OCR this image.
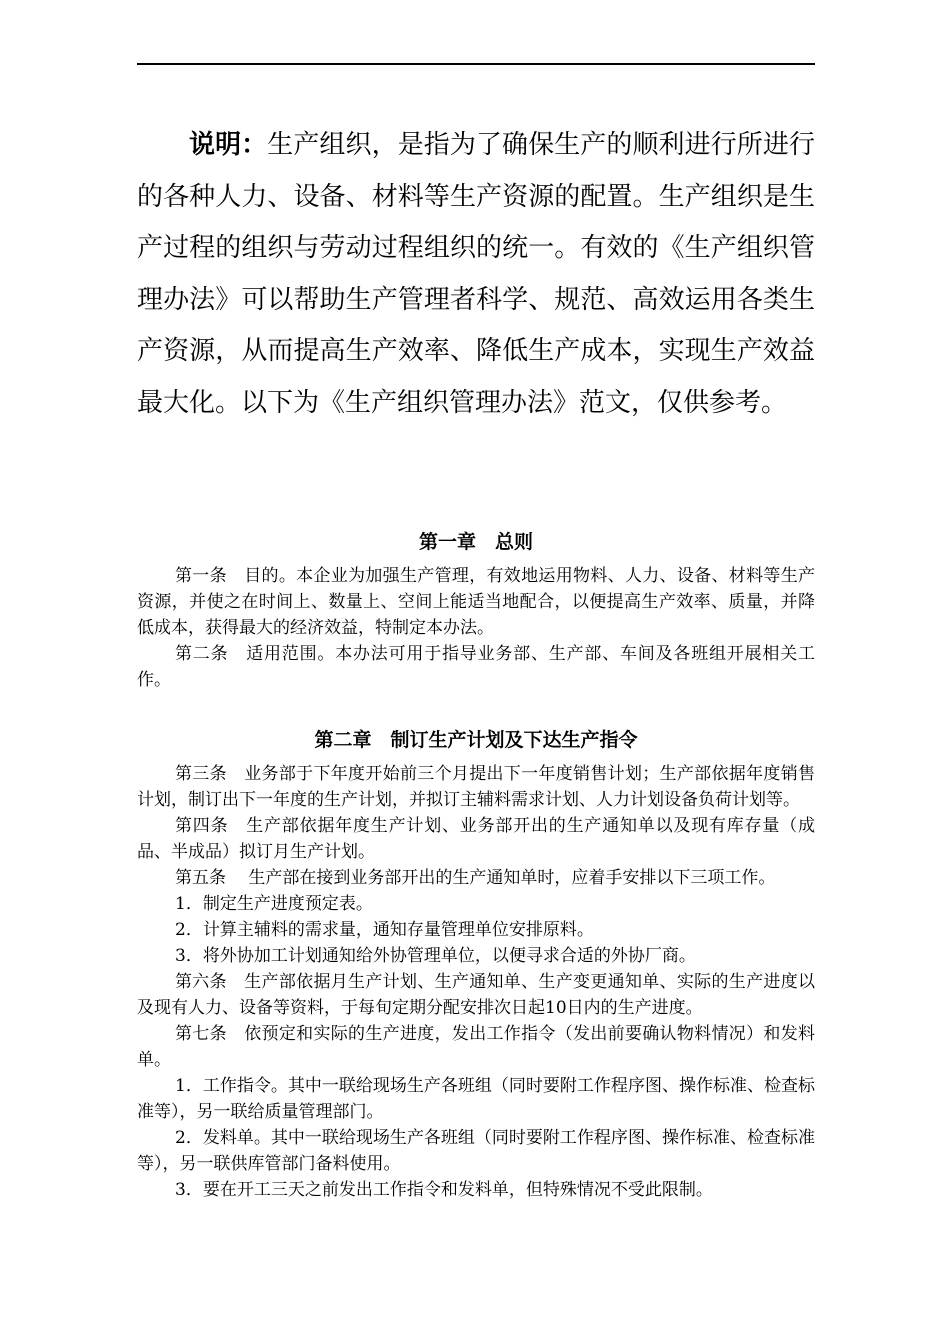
说明：生产组织，是指为了确保生产的顺利进行所进行的各种人力、设备、材料等生产资源的配置。生产组织是生产过程的组织与劳动过程组织的统一。有效的《生产组织管理办法》可以帮助生产管理者科学、规范、高效运用各类生产资源，从而提高生产效率、降低生产成本，实现生产效益最大化。以下为《生产组织管理办法》范文，仅供参考。

第一章　总则

第一条　目的。本企业为加强生产管理，有效地运用物料、人力、设备、材料等生产资源，并使之在时间上、数量上、空间上能适当地配合，以便提高生产效率、质量，并降低成本，获得最大的经济效益，特制定本办法。

第二条　适用范围。本办法可用于指导业务部、生产部、车间及各班组开展相关工作。

第二章　制订生产计划及下达生产指令

第三条　业务部于下年度开始前三个月提出下一年度销售计划；生产部依据年度销售计划，制订出下一年度的生产计划，并拟订主辅料需求计划、人力计划设备负荷计划等。

第四条　生产部依据年度生产计划、业务部开出的生产通知单以及现有库存量（成品、半成品）拟订月生产计划。

第五条　 生产部在接到业务部开出的生产通知单时，应着手安排以下三项工作。

1．制定生产进度预定表。

2．计算主辅料的需求量，通知存量管理单位安排原料。

3．将外协加工计划通知给外协管理单位，以便寻求合适的外协厂商。

第六条　生产部依据月生产计划、生产通知单、生产变更通知单、实际的生产进度以及现有人力、设备等资料，于每旬定期分配安排次日起10日内的生产进度。

第七条　依预定和实际的生产进度，发出工作指令（发出前要确认物料情况）和发料单。

1．工作指令。其中一联给现场生产各班组（同时要附工作程序图、操作标准、检查标准等），另一联给质量管理部门。

2．发料单。其中一联给现场生产各班组（同时要附工作程序图、操作标准、检查标准等），另一联供库管部门备料使用。

3．要在开工三天之前发出工作指令和发料单，但特殊情况不受此限制。
